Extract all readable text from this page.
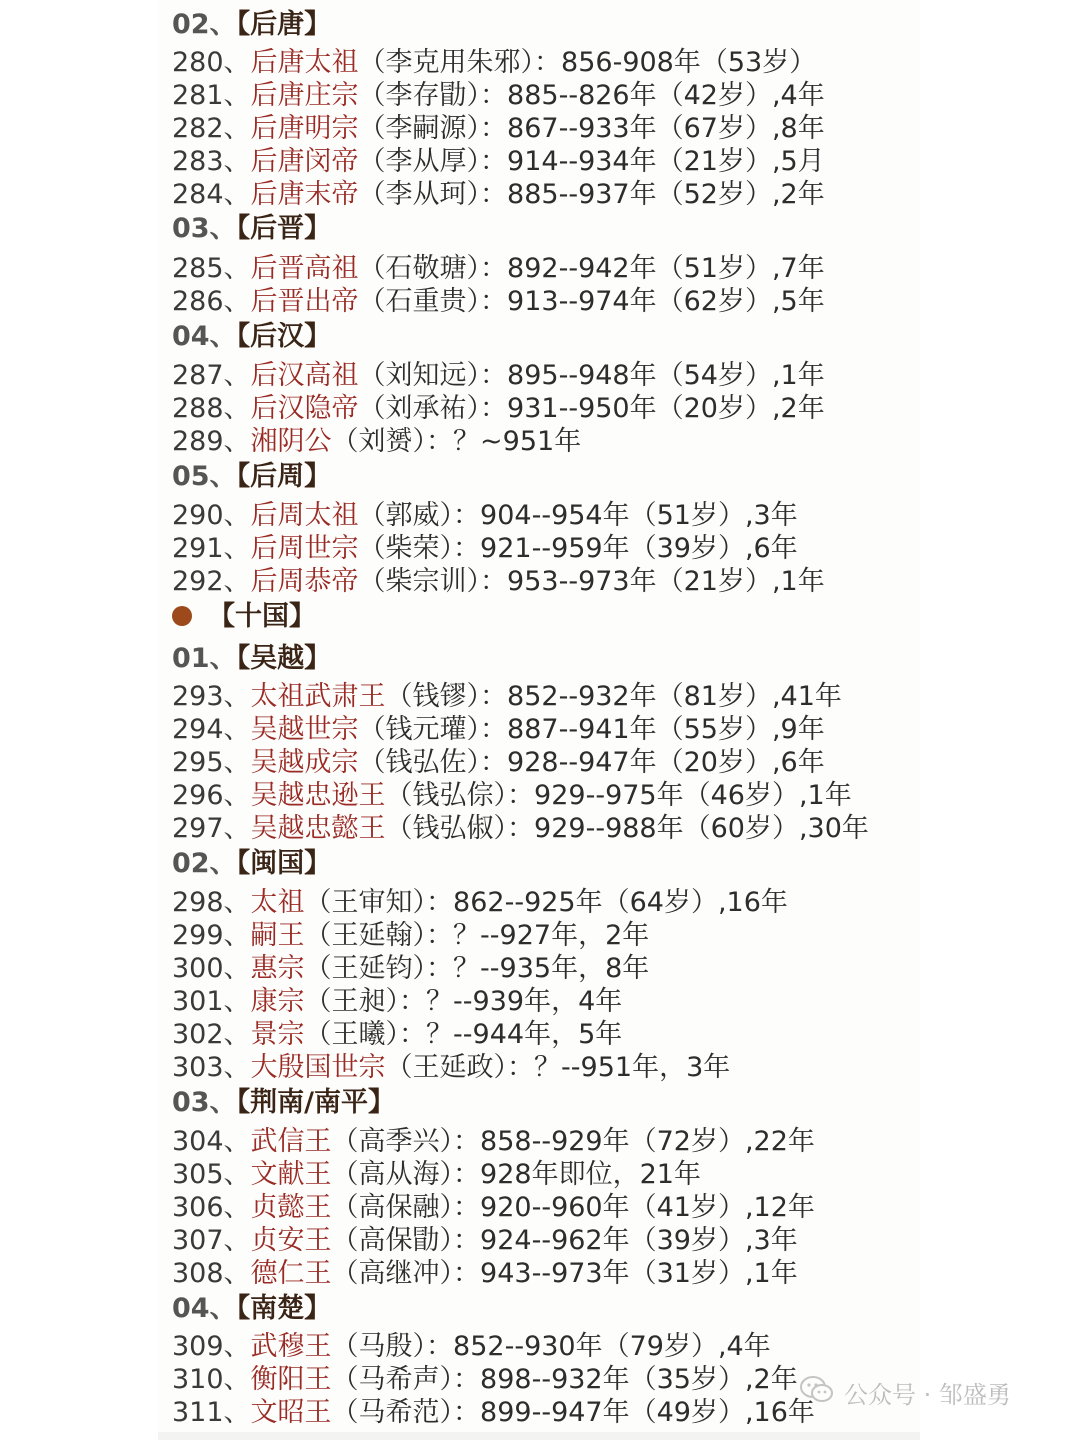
02、【后唐】
280、后唐太祖（李克用朱邪）：856-908年（53岁）
281、后唐庄宗（李存勖）：885--826年（42岁）,4年
282、后唐明宗（李嗣源）：867--933年（67岁）,8年
283、后唐闵帝（李从厚）：914--934年（21岁）,5月
284、后唐末帝（李从珂）：885--937年（52岁）,2年
03、【后晋】
285、后晋高祖（石敬瑭）：892--942年（51岁）,7年
286、后晋出帝（石重贵）：913--974年（62岁）,5年
04、【后汉】
287、后汉高祖（刘知远）：895--948年（54岁）,1年
288、后汉隐帝（刘承祐）：931--950年（20岁）,2年
289、湘阴公（刘赟）：？~951年
05、【后周】
290、后周太祖（郭威）：904--954年（51岁）,3年
291、后周世宗（柴荣）：921--959年（39岁）,6年
292、后周恭帝（柴宗训）：953--973年（21岁）,1年
【十国】
01、【吴越】
293、太祖武肃王（钱镠）：852--932年（81岁）,41年
294、吴越世宗（钱元瓘）：887--941年（55岁）,9年
295、吴越成宗（钱弘佐）：928--947年（20岁）,6年
296、吴越忠逊王（钱弘倧）：929--975年（46岁）,1年
297、吴越忠懿王（钱弘俶）：929--988年（60岁）,30年
02、【闽国】
298、太祖（王审知）：862--925年（64岁）,16年
299、嗣王（王延翰）：？--927年，2年
300、惠宗（王延钧）：？--935年，8年
301、康宗（王昶）：？--939年，4年
302、景宗（王曦）：？--944年，5年
303、大殷国世宗（王延政）：？--951年，3年
03、【荆南/南平】
304、武信王（高季兴）：858--929年（72岁）,22年
305、文献王（高从海）：928年即位，21年
306、贞懿王（高保融）：920--960年（41岁）,12年
307、贞安王（高保勖）：924--962年（39岁）,3年
308、德仁王（高继冲）：943--973年（31岁）,1年
04、【南楚】
309、武穆王（马殷）：852--930年（79岁）,4年
310、衡阳王（马希声）：898--932年（35岁）,2年
311、文昭王（马希范）：899--947年（49岁）,16年
公众号 · 邹盛勇
